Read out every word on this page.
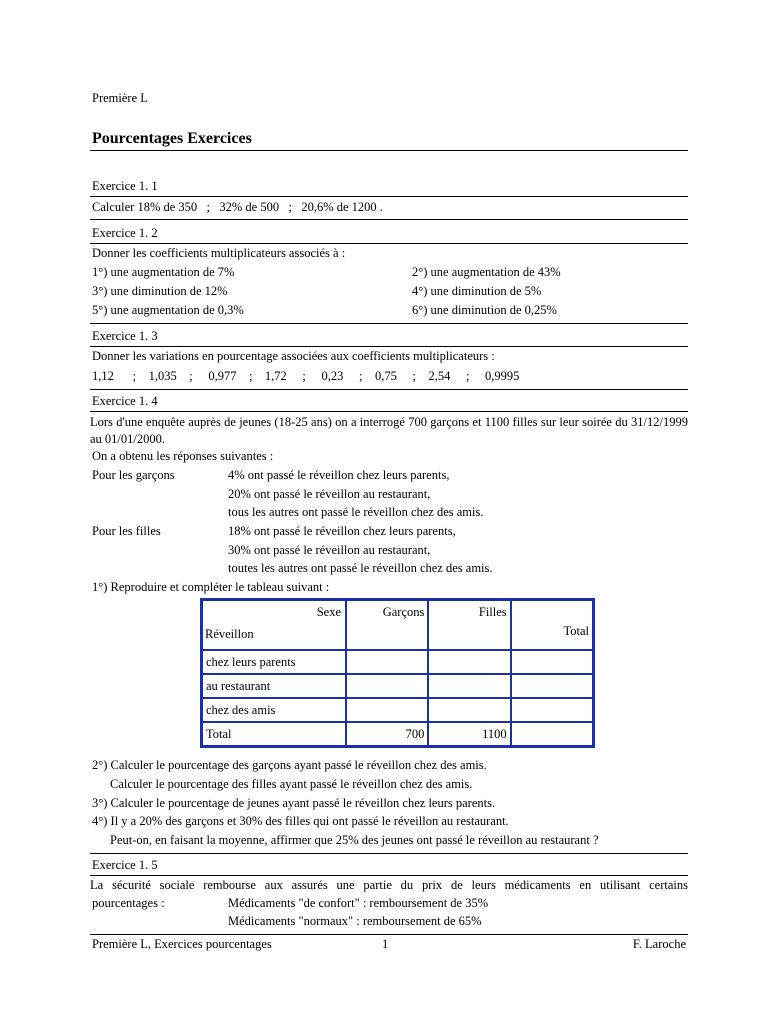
Première L
Pourcentages Exercices
Exercice 1. 1
Calculer 18% de 350   ;   32% de 500   ;   20,6% de 1200 .
Exercice 1. 2
Donner les coefficients multiplicateurs associés à :
1°) une augmentation de 7%	2°) une augmentation de 43%
3°) une diminution de 12%	4°) une diminution de 5%
5°) une augmentation de 0,3%	6°) une diminution de 0,25%
Exercice 1. 3
Donner les variations en pourcentage associées aux coefficients multiplicateurs :
1,12      ;    1,035    ;     0,977    ;    1,72     ;     0,23     ;    0,75     ;    2,54     ;     0,9995
Exercice 1. 4
Lors d'une enquête auprès de jeunes (18-25 ans) on a interrogé 700 garçons et 1100 filles sur leur soirée du 31/12/1999 au 01/01/2000.
On a obtenu les réponses suivantes :
Pour les garçons	4% ont passé le réveillon chez leurs parents,
20% ont passé le réveillon au restaurant,
tous les autres ont passé le réveillon chez des amis.
Pour les filles	18% ont passé le réveillon chez leurs parents,
30% ont passé le réveillon au restaurant,
toutes les autres ont passé le réveillon chez des amis.
1°) Reproduire et compléter le tableau suivant :
Sexe
Réveillon	Garçons	Filles	Total
chez leurs parents			
au restaurant			
chez des amis			
Total	700	1100	
2°) Calculer le pourcentage des garçons ayant passé le réveillon chez des amis.
Calculer le pourcentage des filles ayant passé le réveillon chez des amis.
3°) Calculer le pourcentage de jeunes ayant passé le réveillon chez leurs parents.
4°) Il y a 20% des garçons et 30% des filles qui ont passé le réveillon au restaurant.
Peut-on, en faisant la moyenne, affirmer que 25% des jeunes ont passé le réveillon au restaurant ?
Exercice 1. 5
La sécurité sociale rembourse aux assurés une partie du prix de leurs médicaments en utilisant certains
pourcentages :	Médicaments "de confort" : remboursement de 35%
Médicaments "normaux" : remboursement de 65%
Première L, Exercices pourcentages	1	F. Laroche
